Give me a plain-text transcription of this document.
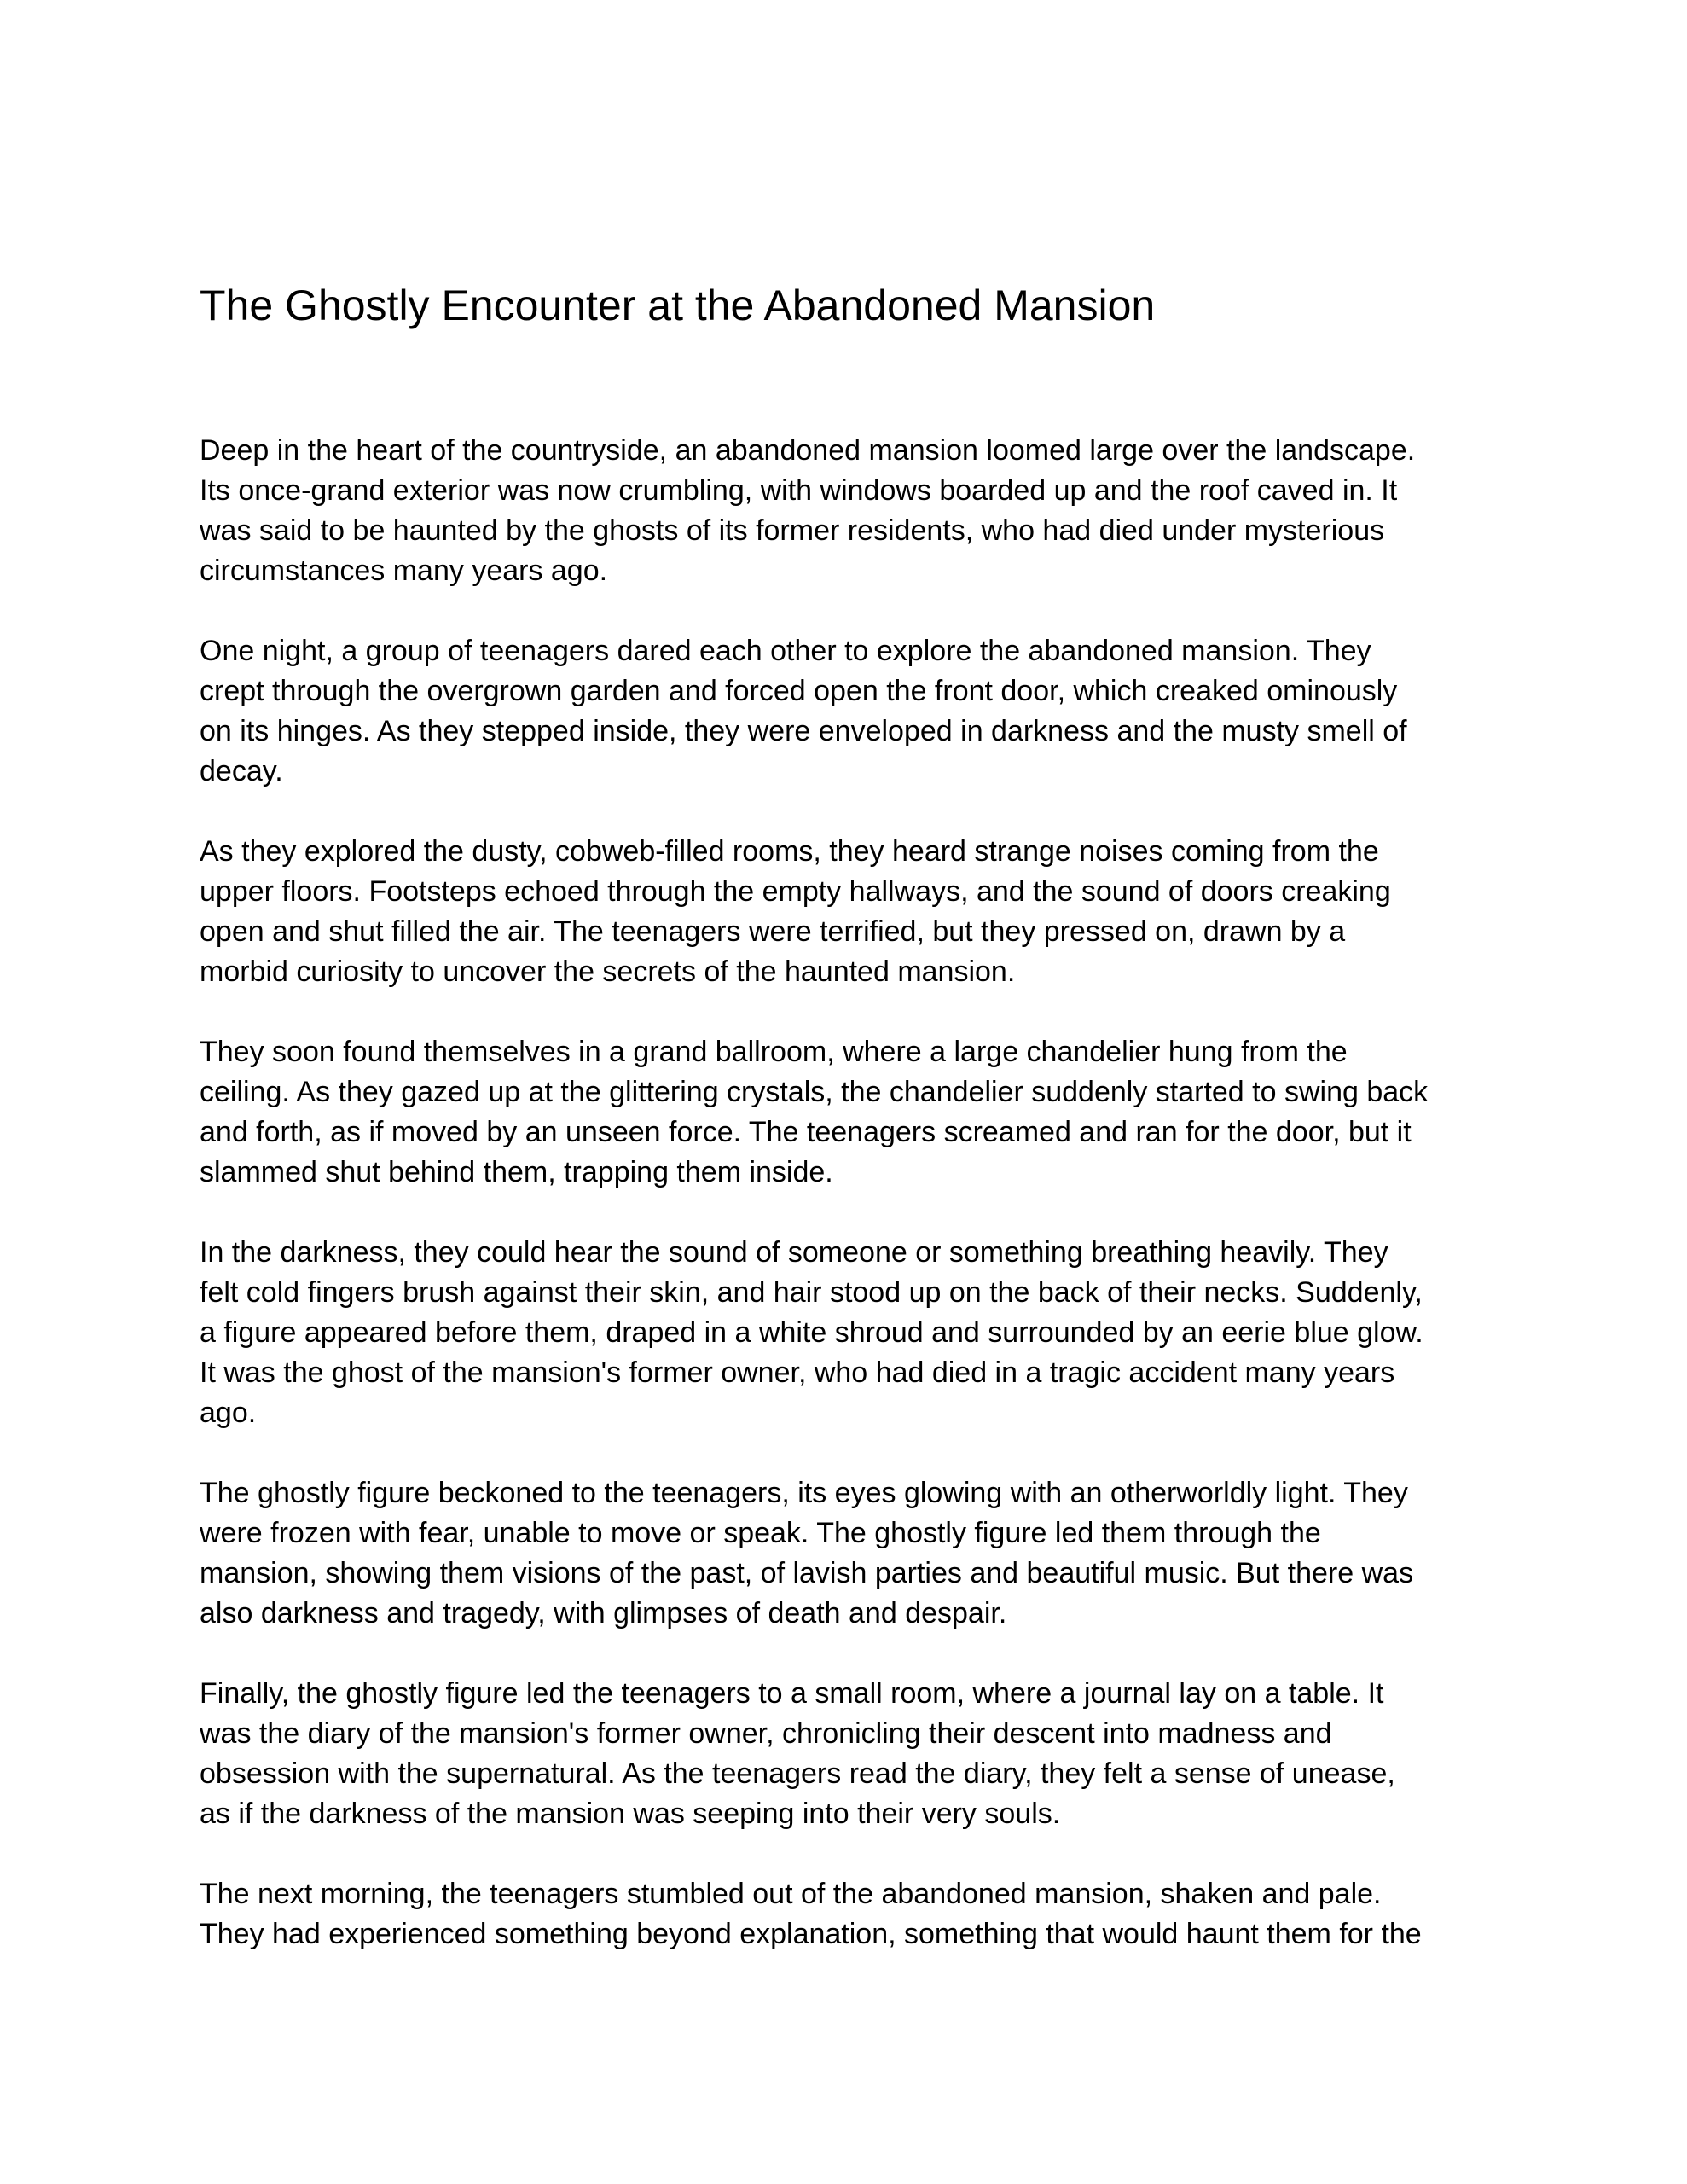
The Ghostly Encounter at the Abandoned Mansion

Deep in the heart of the countryside, an abandoned mansion loomed large over the landscape.
Its once-grand exterior was now crumbling, with windows boarded up and the roof caved in. It
was said to be haunted by the ghosts of its former residents, who had died under mysterious
circumstances many years ago.

One night, a group of teenagers dared each other to explore the abandoned mansion. They
crept through the overgrown garden and forced open the front door, which creaked ominously
on its hinges. As they stepped inside, they were enveloped in darkness and the musty smell of
decay.

As they explored the dusty, cobweb-filled rooms, they heard strange noises coming from the
upper floors. Footsteps echoed through the empty hallways, and the sound of doors creaking
open and shut filled the air. The teenagers were terrified, but they pressed on, drawn by a
morbid curiosity to uncover the secrets of the haunted mansion.

They soon found themselves in a grand ballroom, where a large chandelier hung from the
ceiling. As they gazed up at the glittering crystals, the chandelier suddenly started to swing back
and forth, as if moved by an unseen force. The teenagers screamed and ran for the door, but it
slammed shut behind them, trapping them inside.

In the darkness, they could hear the sound of someone or something breathing heavily. They
felt cold fingers brush against their skin, and hair stood up on the back of their necks. Suddenly,
a figure appeared before them, draped in a white shroud and surrounded by an eerie blue glow.
It was the ghost of the mansion's former owner, who had died in a tragic accident many years
ago.

The ghostly figure beckoned to the teenagers, its eyes glowing with an otherworldly light. They
were frozen with fear, unable to move or speak. The ghostly figure led them through the
mansion, showing them visions of the past, of lavish parties and beautiful music. But there was
also darkness and tragedy, with glimpses of death and despair.

Finally, the ghostly figure led the teenagers to a small room, where a journal lay on a table. It
was the diary of the mansion's former owner, chronicling their descent into madness and
obsession with the supernatural. As the teenagers read the diary, they felt a sense of unease,
as if the darkness of the mansion was seeping into their very souls.

The next morning, the teenagers stumbled out of the abandoned mansion, shaken and pale.
They had experienced something beyond explanation, something that would haunt them for the
